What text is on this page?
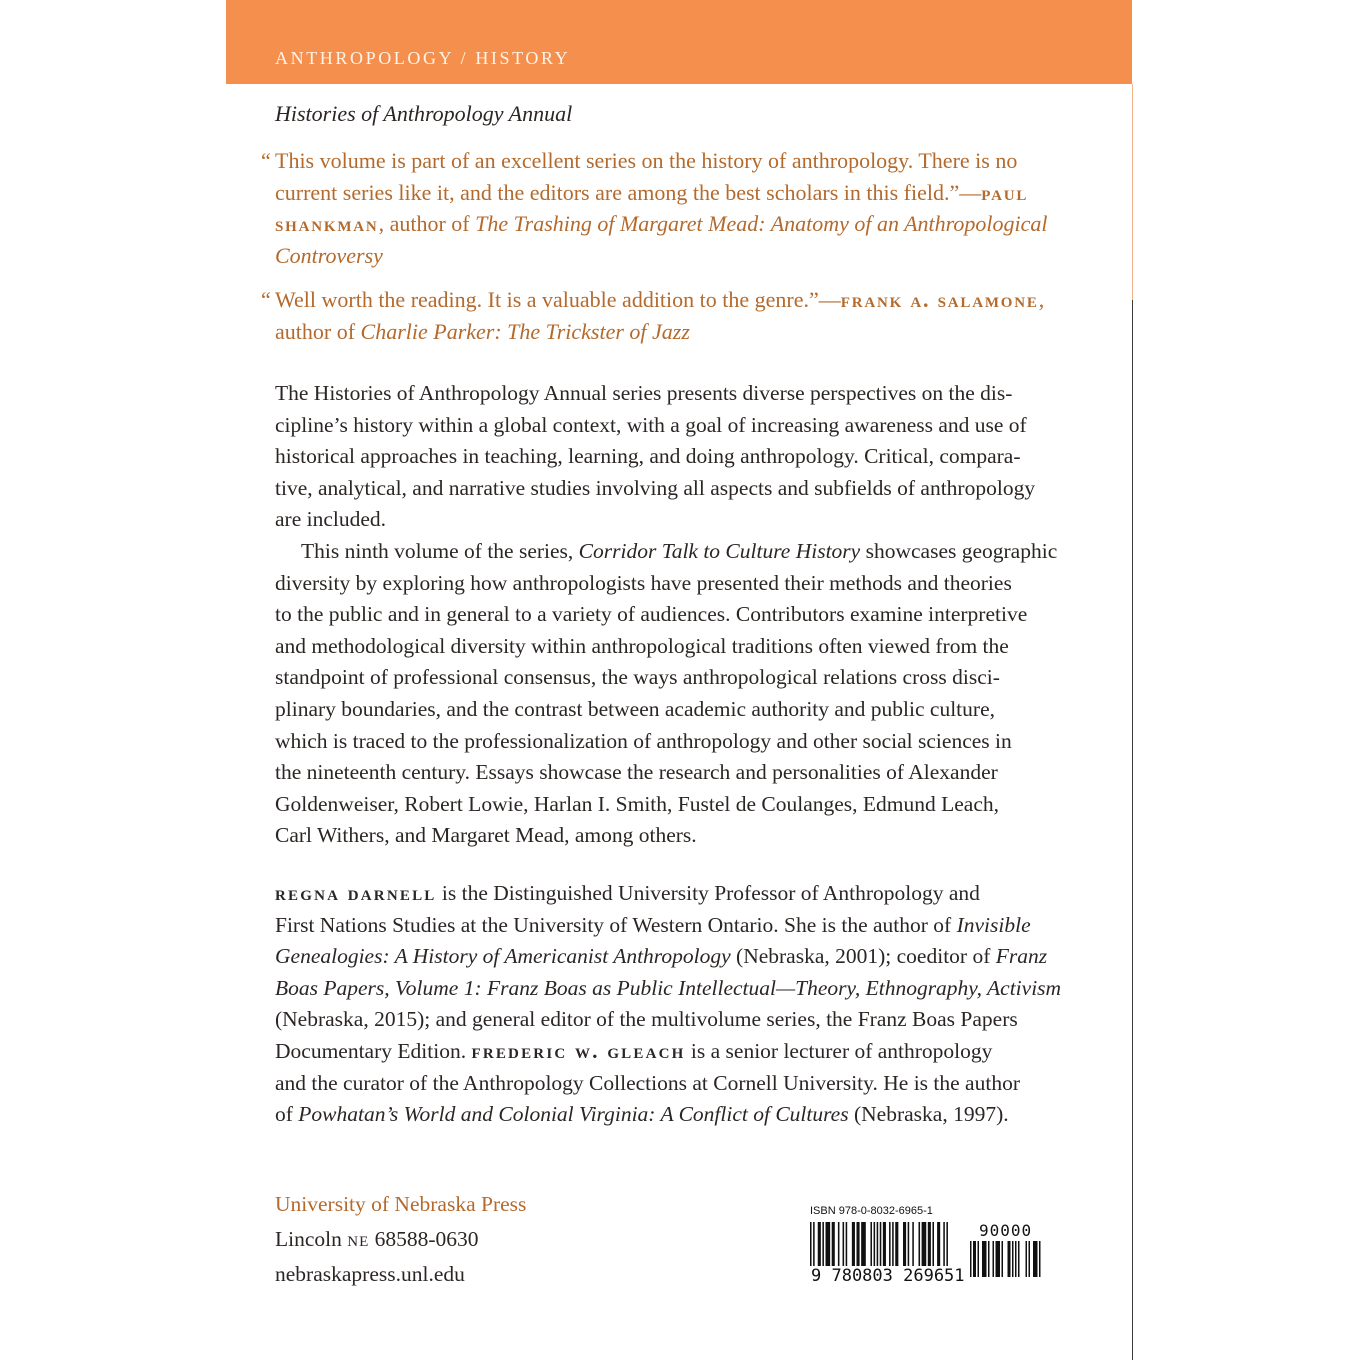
ANTHROPOLOGY / HISTORY
Histories of Anthropology Annual
“ This volume is part of an excellent series on the history of anthropology. There is no
current series like it, and the editors are among the best scholars in this field.”—paul
shankman, author of The Trashing of Margaret Mead: Anatomy of an Anthropological
Controversy
“ Well worth the reading. It is a valuable addition to the genre.”—frank a. salamone,
author of Charlie Parker: The Trickster of Jazz
The Histories of Anthropology Annual series presents diverse perspectives on the dis-
cipline’s history within a global context, with a goal of increasing awareness and use of
historical approaches in teaching, learning, and doing anthropology. Critical, compara-
tive, analytical, and narrative studies involving all aspects and subfields of anthropology
are included.
This ninth volume of the series, Corridor Talk to Culture History showcases geographic
diversity by exploring how anthropologists have presented their methods and theories
to the public and in general to a variety of audiences. Contributors examine interpretive
and methodological diversity within anthropological traditions often viewed from the
standpoint of professional consensus, the ways anthropological relations cross disci-
plinary boundaries, and the contrast between academic authority and public culture,
which is traced to the professionalization of anthropology and other social sciences in
the nineteenth century. Essays showcase the research and personalities of Alexander
Goldenweiser, Robert Lowie, Harlan I. Smith, Fustel de Coulanges, Edmund Leach,
Carl Withers, and Margaret Mead, among others.
regna darnell is the Distinguished University Professor of Anthropology and
First Nations Studies at the University of Western Ontario. She is the author of Invisible
Genealogies: A History of Americanist Anthropology (Nebraska, 2001); coeditor of Franz
Boas Papers, Volume 1: Franz Boas as Public Intellectual—Theory, Ethnography, Activism
(Nebraska, 2015); and general editor of the multivolume series, the Franz Boas Papers
Documentary Edition. frederic w. gleach is a senior lecturer of anthropology
and the curator of the Anthropology Collections at Cornell University. He is the author
of Powhatan’s World and Colonial Virginia: A Conflict of Cultures (Nebraska, 1997).
University of Nebraska Press
Lincoln ne 68588-0630
nebraskapress.unl.edu
ISBN 978-0-8032-6965-1
9 780803 269651
90000
